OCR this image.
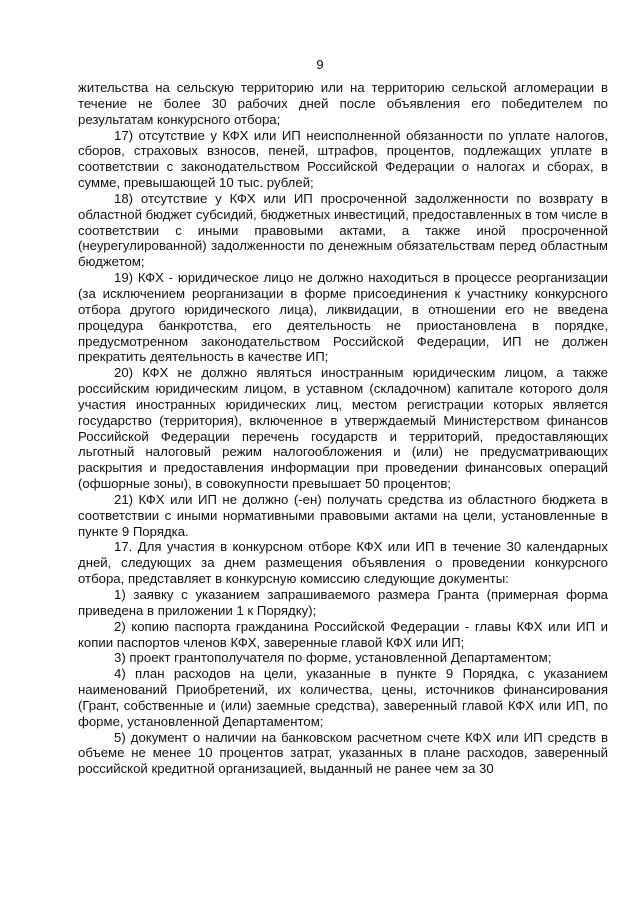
9

жительства на сельскую территорию или на территорию сельской агломерации в течение не более 30 рабочих дней после объявления его победителем по результатам конкурсного отбора;

17) отсутствие у КФХ или ИП неисполненной обязанности по уплате налогов, сборов, страховых взносов, пеней, штрафов, процентов, подлежащих уплате в соответствии с законодательством Российской Федерации о налогах и сборах, в сумме, превышающей 10 тыс. рублей;

18) отсутствие у КФХ или ИП просроченной задолженности по возврату в областной бюджет субсидий, бюджетных инвестиций, предоставленных в том числе в соответствии с иными правовыми актами, а также иной просроченной (неурегулированной) задолженности по денежным обязательствам перед областным бюджетом;

19) КФХ - юридическое лицо не должно находиться в процессе реорганизации (за исключением реорганизации в форме присоединения к участнику конкурсного отбора другого юридического лица), ликвидации, в отношении его не введена процедура банкротства, его деятельность не приостановлена в порядке, предусмотренном законодательством Российской Федерации, ИП не должен прекратить деятельность в качестве ИП;

20) КФХ не должно являться иностранным юридическим лицом, а также российским юридическим лицом, в уставном (складочном) капитале которого доля участия иностранных юридических лиц, местом регистрации которых является государство (территория), включенное в утверждаемый Министерством финансов Российской Федерации перечень государств и территорий, предоставляющих льготный налоговый режим налогообложения и (или) не предусматривающих раскрытия и предоставления информации при проведении финансовых операций (офшорные зоны), в совокупности превышает 50 процентов;

21) КФХ или ИП не должно (-ен) получать средства из областного бюджета в соответствии с иными нормативными правовыми актами на цели, установленные в пункте 9 Порядка.

17. Для участия в конкурсном отборе КФХ или ИП в течение 30 календарных дней, следующих за днем размещения объявления о проведении конкурсного отбора, представляет в конкурсную комиссию следующие документы:

1) заявку с указанием запрашиваемого размера Гранта (примерная форма приведена в приложении 1 к Порядку);

2) копию паспорта гражданина Российской Федерации - главы КФХ или ИП и копии паспортов членов КФХ, заверенные главой КФХ или ИП;

3) проект грантополучателя по форме, установленной Департаментом;

4) план расходов на цели, указанные в пункте 9 Порядка, с указанием наименований Приобретений, их количества, цены, источников финансирования (Грант, собственные и (или) заемные средства), заверенный главой КФХ или ИП, по форме, установленной Департаментом;

5) документ о наличии на банковском расчетном счете КФХ или ИП средств в объеме не менее 10 процентов затрат, указанных в плане расходов, заверенный российской кредитной организацией, выданный не ранее чем за 30
